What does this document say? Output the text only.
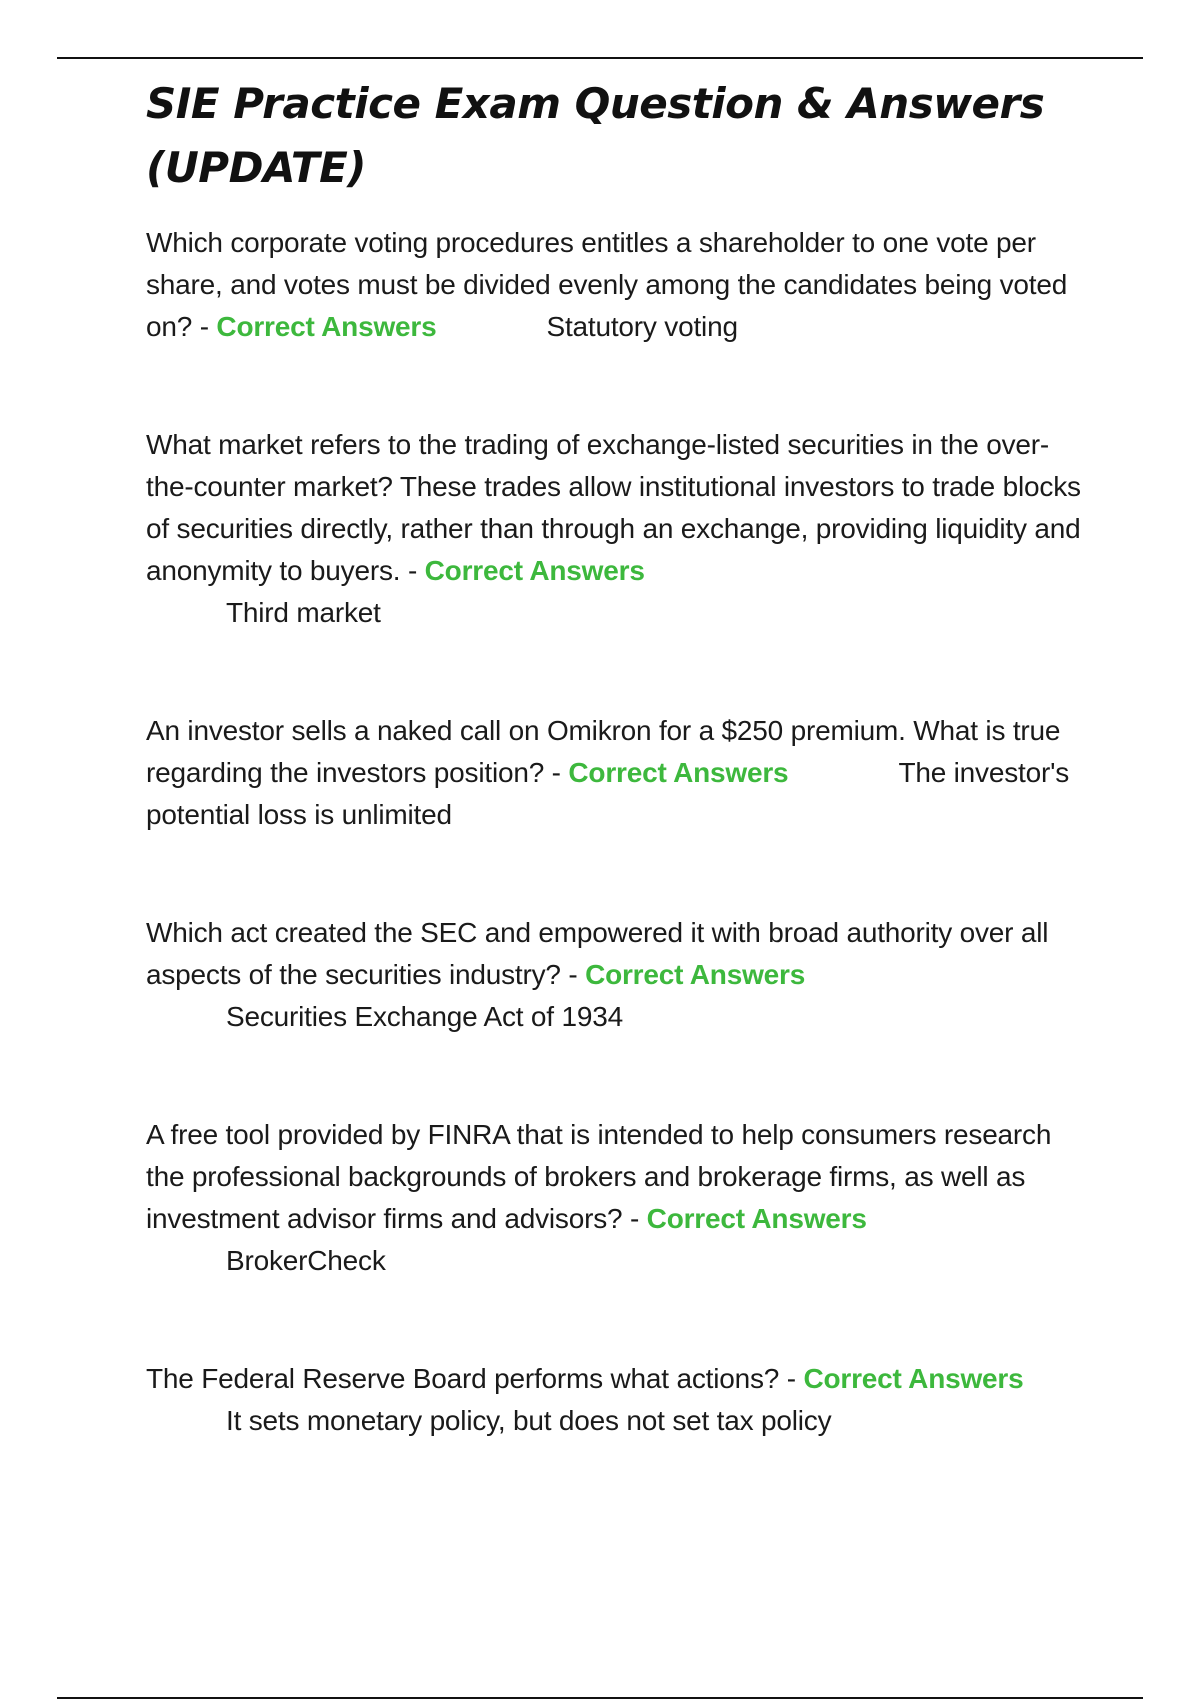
SIE Practice Exam Question & Answers (UPDATE)
Which corporate voting procedures entitles a shareholder to one vote per share, and votes must be divided evenly among the candidates being voted on? - Correct Answers	Statutory voting
What market refers to the trading of exchange-listed securities in the over-the-counter market? These trades allow institutional investors to trade blocks of securities directly, rather than through an exchange, providing liquidity and anonymity to buyers. - Correct Answers
Third market
An investor sells a naked call on Omikron for a $250 premium. What is true regarding the investors position? - Correct Answers	The investor's potential loss is unlimited
Which act created the SEC and empowered it with broad authority over all aspects of the securities industry? - Correct Answers
Securities Exchange Act of 1934
A free tool provided by FINRA that is intended to help consumers research the professional backgrounds of brokers and brokerage firms, as well as investment advisor firms and advisors? - Correct Answers
BrokerCheck
The Federal Reserve Board performs what actions? - Correct Answers
It sets monetary policy, but does not set tax policy
